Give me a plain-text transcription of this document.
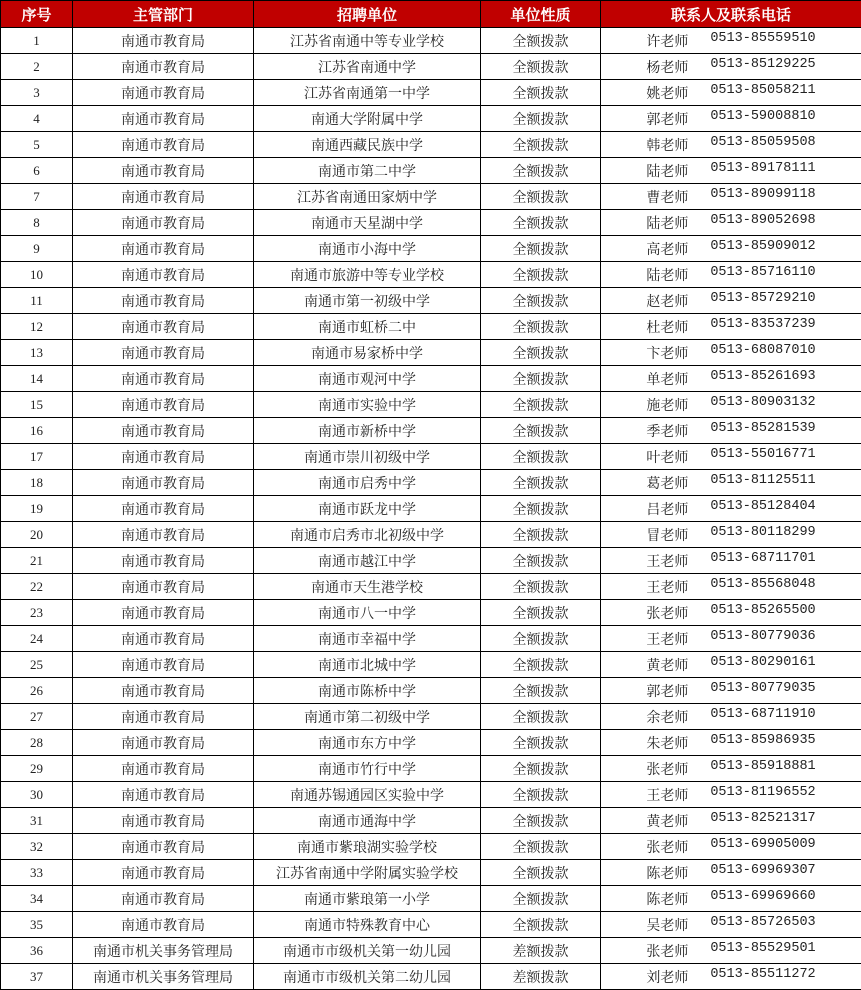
序号	主管部门	招聘单位	单位性质	联系人及联系电话
1	南通市教育局	江苏省南通中等专业学校	全额拨款	许老师 0513-85559510

2	南通市教育局	江苏省南通中学	全额拨款	杨老师 0513-85129225

3	南通市教育局	江苏省南通第一中学	全额拨款	姚老师 0513-85058211

4	南通市教育局	南通大学附属中学	全额拨款	郭老师 0513-59008810

5	南通市教育局	南通西藏民族中学	全额拨款	韩老师 0513-85059508

6	南通市教育局	南通市第二中学	全额拨款	陆老师 0513-89178111

7	南通市教育局	江苏省南通田家炳中学	全额拨款	曹老师 0513-89099118

8	南通市教育局	南通市天星湖中学	全额拨款	陆老师 0513-89052698

9	南通市教育局	南通市小海中学	全额拨款	高老师 0513-85909012

10	南通市教育局	南通市旅游中等专业学校	全额拨款	陆老师 0513-85716110

11	南通市教育局	南通市第一初级中学	全额拨款	赵老师 0513-85729210

12	南通市教育局	南通市虹桥二中	全额拨款	杜老师 0513-83537239

13	南通市教育局	南通市易家桥中学	全额拨款	卞老师 0513-68087010

14	南通市教育局	南通市观河中学	全额拨款	单老师 0513-85261693

15	南通市教育局	南通市实验中学	全额拨款	施老师 0513-80903132

16	南通市教育局	南通市新桥中学	全额拨款	季老师 0513-85281539

17	南通市教育局	南通市崇川初级中学	全额拨款	叶老师 0513-55016771

18	南通市教育局	南通市启秀中学	全额拨款	葛老师 0513-81125511

19	南通市教育局	南通市跃龙中学	全额拨款	吕老师 0513-85128404

20	南通市教育局	南通市启秀市北初级中学	全额拨款	冒老师 0513-80118299

21	南通市教育局	南通市越江中学	全额拨款	王老师 0513-68711701

22	南通市教育局	南通市天生港学校	全额拨款	王老师 0513-85568048

23	南通市教育局	南通市八一中学	全额拨款	张老师 0513-85265500

24	南通市教育局	南通市幸福中学	全额拨款	王老师 0513-80779036

25	南通市教育局	南通市北城中学	全额拨款	黄老师 0513-80290161

26	南通市教育局	南通市陈桥中学	全额拨款	郭老师 0513-80779035

27	南通市教育局	南通市第二初级中学	全额拨款	余老师 0513-68711910

28	南通市教育局	南通市东方中学	全额拨款	朱老师 0513-85986935

29	南通市教育局	南通市竹行中学	全额拨款	张老师 0513-85918881

30	南通市教育局	南通苏锡通园区实验中学	全额拨款	王老师 0513-81196552

31	南通市教育局	南通市通海中学	全额拨款	黄老师 0513-82521317

32	南通市教育局	南通市紫琅湖实验学校	全额拨款	张老师 0513-69905009

33	南通市教育局	江苏省南通中学附属实验学校	全额拨款	陈老师 0513-69969307

34	南通市教育局	南通市紫琅第一小学	全额拨款	陈老师 0513-69969660

35	南通市教育局	南通市特殊教育中心	全额拨款	吴老师 0513-85726503

36	南通市机关事务管理局	南通市市级机关第一幼儿园	差额拨款	张老师 0513-85529501

37	南通市机关事务管理局	南通市市级机关第二幼儿园	差额拨款	刘老师 0513-85511272
